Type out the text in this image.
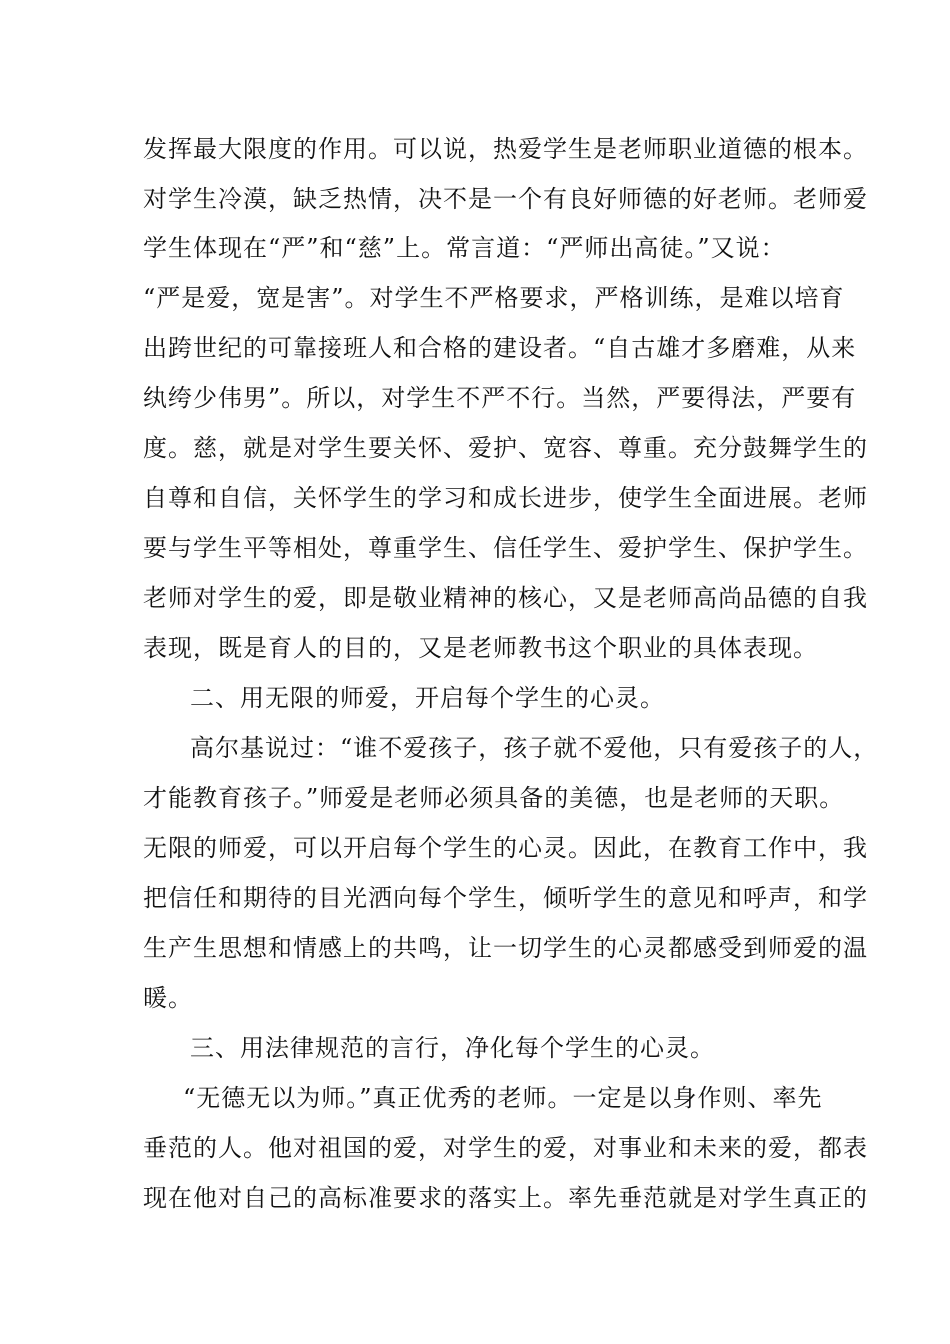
发挥最大限度的作用。可以说，热爱学生是老师职业道德的根本。

对学生冷漠，缺乏热情，决不是一个有良好师德的好老师。老师爱

学生体现在“严”和“慈”上。常言道：“严师出高徒。”又说：

“严是爱，宽是害”。对学生不严格要求，严格训练，是难以培育

出跨世纪的可靠接班人和合格的建设者。“自古雄才多磨难，从来

纨绔少伟男”。所以，对学生不严不行。当然，严要得法，严要有

度。慈，就是对学生要关怀、爱护、宽容、尊重。充分鼓舞学生的

自尊和自信，关怀学生的学习和成长进步，使学生全面进展。老师

要与学生平等相处，尊重学生、信任学生、爱护学生、保护学生。

老师对学生的爱，即是敬业精神的核心，又是老师高尚品德的自我

表现，既是育人的目的，又是老师教书这个职业的具体表现。

二、用无限的师爱，开启每个学生的心灵。

高尔基说过：“谁不爱孩子，孩子就不爱他，只有爱孩子的人，

才能教育孩子。”师爱是老师必须具备的美德，也是老师的天职。

无限的师爱，可以开启每个学生的心灵。因此，在教育工作中，我

把信任和期待的目光洒向每个学生，倾听学生的意见和呼声，和学

生产生思想和情感上的共鸣，让一切学生的心灵都感受到师爱的温

暖。

三、用法律规范的言行，净化每个学生的心灵。

“无德无以为师。”真正优秀的老师。一定是以身作则、率先

垂范的人。他对祖国的爱，对学生的爱，对事业和未来的爱，都表

现在他对自己的高标准要求的落实上。率先垂范就是对学生真正的
